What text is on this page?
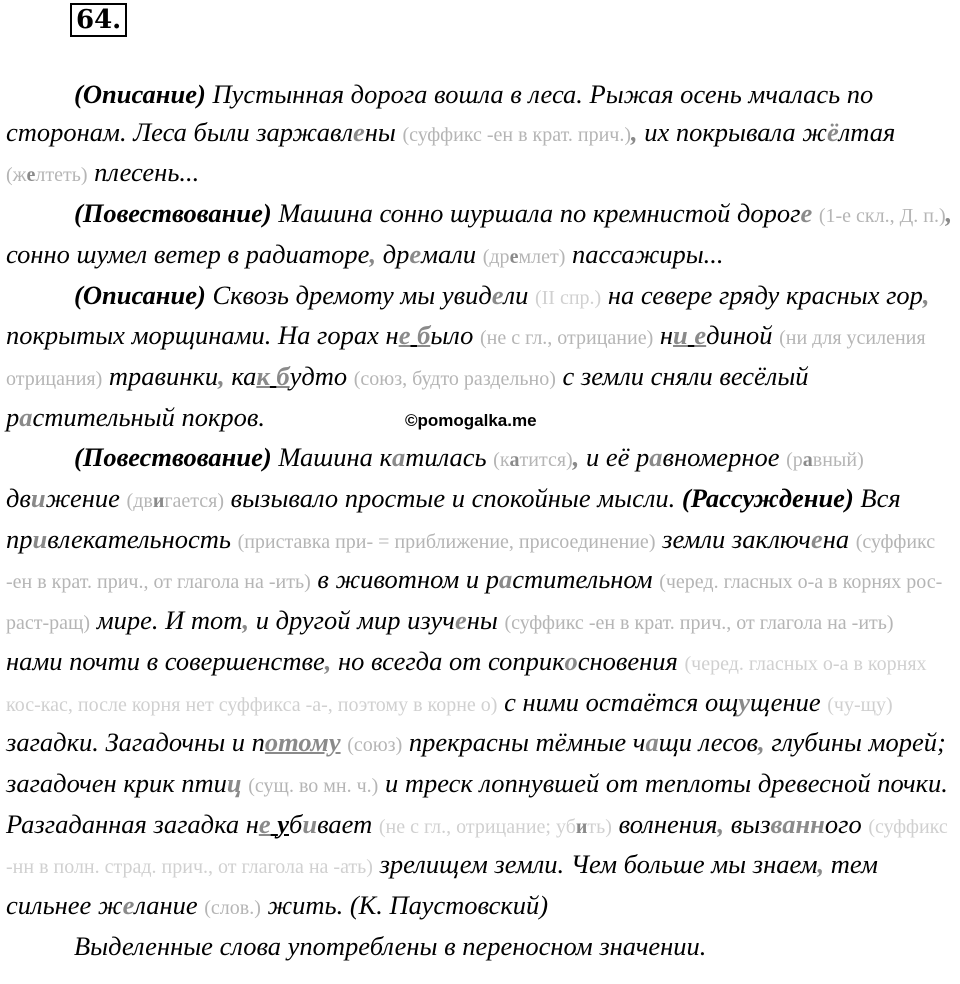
64.

(Описание) Пустынная дорога вошла в леса. Рыжая осень мчалась по сторонам. Леса были заржавлены (суффикс -ен в крат. прич.), их покрывала жёлтая (желтеть) плесень...

(Повествование) Машина сонно шуршала по кремнистой дороге (1-е скл., Д. п.), сонно шумел ветер в радиаторе, дремали (дремлет) пассажиры...

(Описание) Сквозь дремоту мы увидели (II спр.) на севере гряду красных гор, покрытых морщинами. На горах не было (не с гл., отрицание) ни единой (ни для усиления отрицания) травинки, как будто (союз, будто раздельно) с земли сняли весёлый растительный покров.	©pomogalka.me

(Повествование) Машина катилась (катится), и её равномерное (равный) движение (двигается) вызывало простые и спокойные мысли. (Рассуждение) Вся привлекательность (приставка при- = приближение, присоединение) земли заключена (суффикс -ен в крат. прич., от глагола на -ить) в животном и растительном (черед. гласных о-а в корнях рос-раст-ращ) мире. И тот, и другой мир изучены (суффикс -ен в крат. прич., от глагола на -ить) нами почти в совершенстве, но всегда от соприкосновения (черед. гласных о-а в корнях кос-кас, после корня нет суффикса -а-, поэтому в корне о) с ними остаётся ощущение (чу-щу) загадки. Загадочны и потому (союз) прекрасны тёмные чащи лесов, глубины морей; загадочен крик птиц (сущ. во мн. ч.) и треск лопнувшей от теплоты древесной почки. Разгаданная загадка не убивает (не с гл., отрицание; убить) волнения, вызванного (суффикс -нн в полн. страд. прич., от глагола на -ать) зрелищем земли. Чем больше мы знаем, тем сильнее желание (слов.) жить. (К. Паустовский)

Выделенные слова употреблены в переносном значении.
